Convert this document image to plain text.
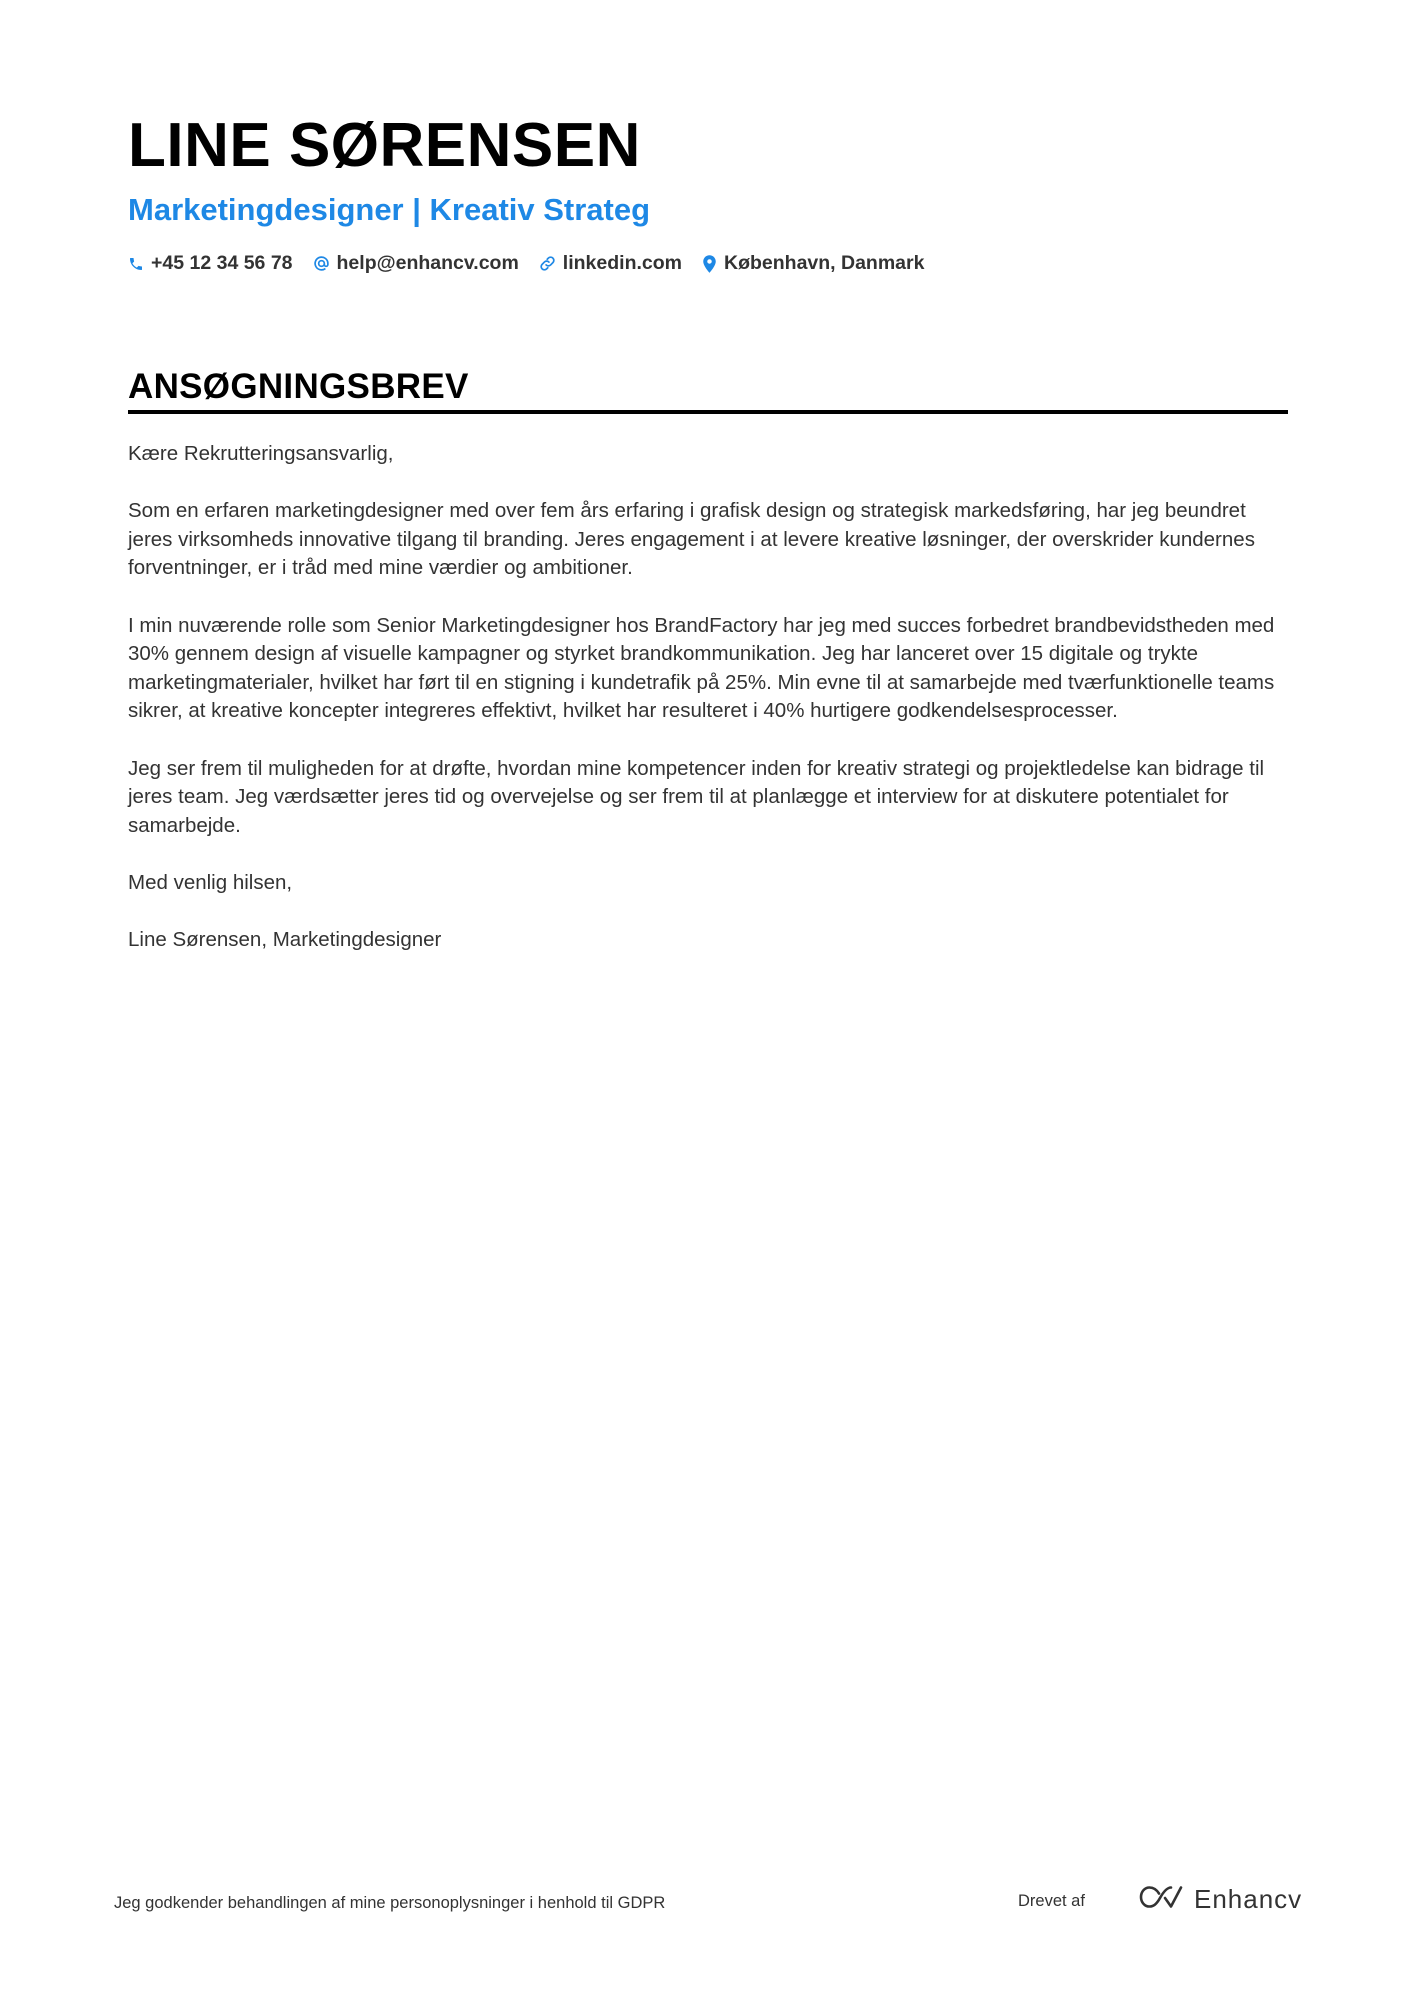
LINE SØRENSEN
Marketingdesigner | Kreativ Strateg
+45 12 34 56 78 help@enhancv.com linkedin.com København, Danmark
ANSØGNINGSBREV

Kære Rekrutteringsansvarlig,

Som en erfaren marketingdesigner med over fem års erfaring i grafisk design og strategisk markedsføring, har jeg beundret jeres virksomheds innovative tilgang til branding. Jeres engagement i at levere kreative løsninger, der overskrider kundernes forventninger, er i tråd med mine værdier og ambitioner.

I min nuværende rolle som Senior Marketingdesigner hos BrandFactory har jeg med succes forbedret brandbevidstheden med 30% gennem design af visuelle kampagner og styrket brandkommunikation. Jeg har lanceret over 15 digitale og trykte marketingmaterialer, hvilket har ført til en stigning i kundetrafik på 25%. Min evne til at samarbejde med tværfunktionelle teams sikrer, at kreative koncepter integreres effektivt, hvilket har resulteret i 40% hurtigere godkendelsesprocesser.

Jeg ser frem til muligheden for at drøfte, hvordan mine kompetencer inden for kreativ strategi og projektledelse kan bidrage til jeres team. Jeg værdsætter jeres tid og overvejelse og ser frem til at planlægge et interview for at diskutere potentialet for samarbejde.

Med venlig hilsen,

Line Sørensen, Marketingdesigner

Jeg godkender behandlingen af mine personoplysninger i henhold til GDPR	Drevet af	Enhancv
